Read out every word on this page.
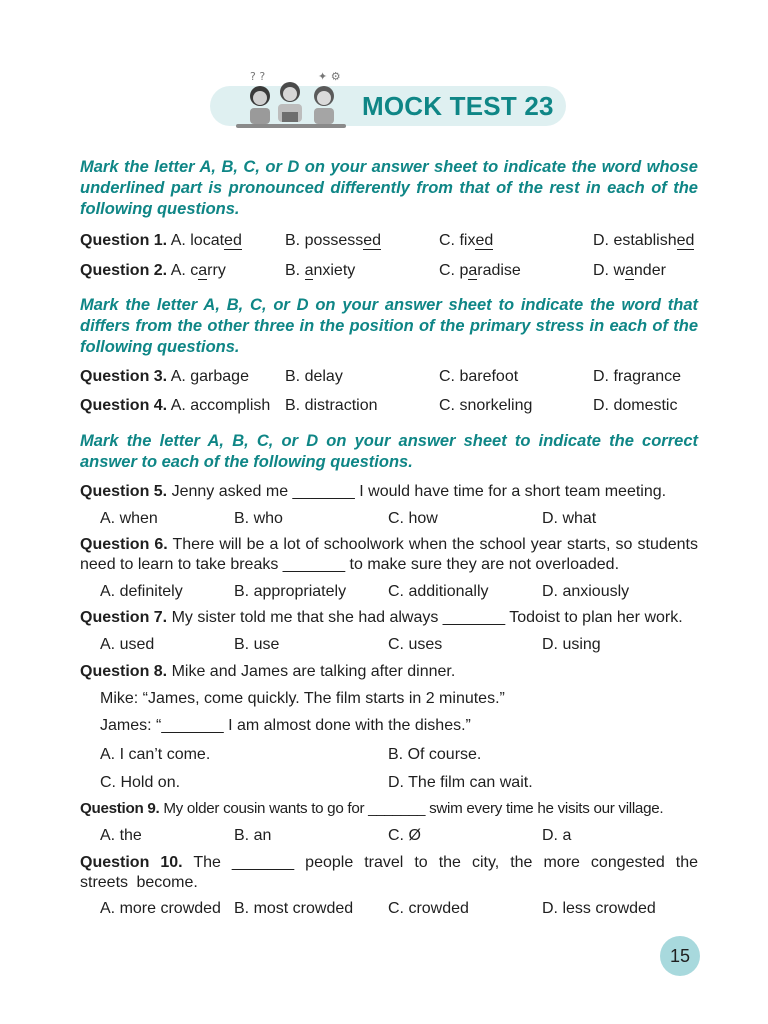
? ?	✦ ⚙
MOCK TEST 23

Mark the letter A, B, C, or D on your answer sheet to indicate the word whose underlined part is pronounced differently from that of the rest in each of the following questions.

Question 1. A. located	B. possessed	C. fixed	D. established
Question 2. A. carry	B. anxiety	C. paradise	D. wander

Mark the letter A, B, C, or D on your answer sheet to indicate the word that differs from the other three in the position of the primary stress in each of the following questions.

Question 3. A. garbage B. delay	C. barefoot	D. fragrance
Question 4. A. accomplish B. distraction	C. snorkeling	D. domestic

Mark the letter A, B, C, or D on your answer sheet to indicate the correct answer to each of the following questions.

Question 5. Jenny asked me _______ I would have time for a short team meeting.
A. when	B. who	C. how	D. what

Question 6. There will be a lot of schoolwork when the school year starts, so students need to learn to take breaks _______ to make sure they are not overloaded.

A. definitely	B. appropriately	C. additionally	D. anxiously
Question 7. My sister told me that she had always _______ Todoist to plan her work.
A. used	B. use	C. uses	D. using
Question 8. Mike and James are talking after dinner.
Mike: “James, come quickly. The film starts in 2 minutes.”
James: “_______ I am almost done with the dishes.”
A. I can’t come.	B. Of course.
C. Hold on.	D. The film can wait.
Question 9. My older cousin wants to go for _______ swim every time he visits our village.
A. the	B. an	C. Ø	D. a

Question 10. The _______ people travel to the city, the more congested the streets become.

A. more crowded B. most crowded C. crowded	D. less crowded
15
